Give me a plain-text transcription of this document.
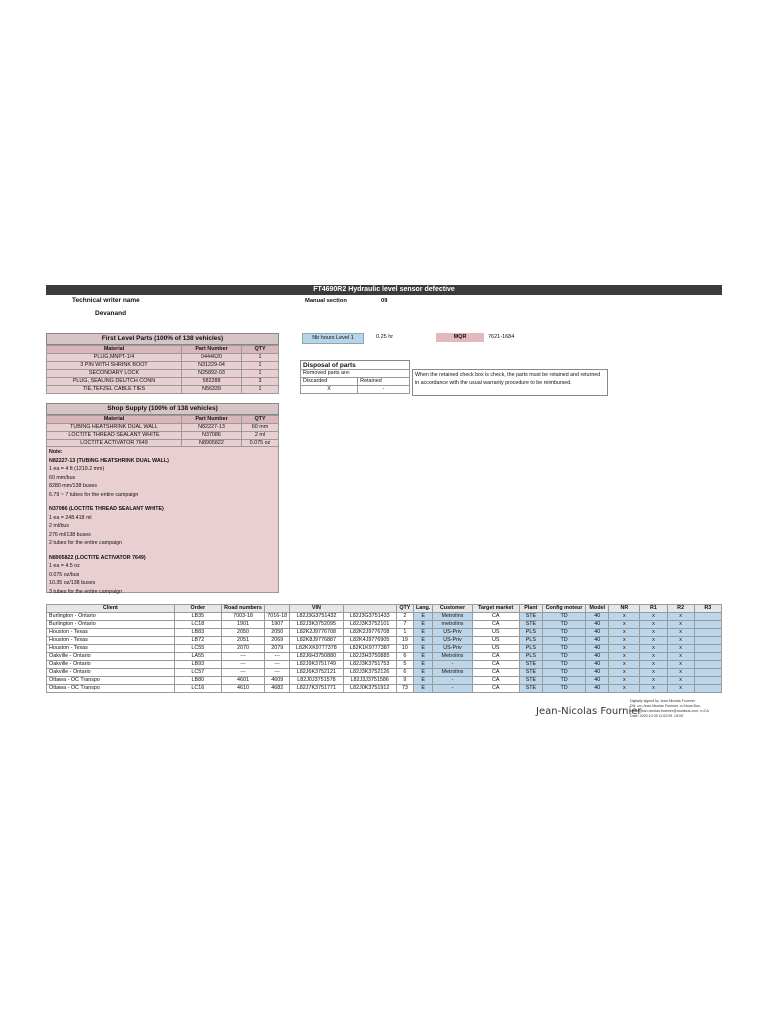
FT4690R2 Hydraulic level sensor defective
Technical writer name
Devanand
Manual section	09
Nb hours Level 1	0.25 hr	MQR	7621-1684
First Level Parts (100% of 138 vehicles)
Material	Part Number	QTY
PLUG,MNPT-1/4	0444620	1
3 PIN WITH SHRINK BOOT	N31229-04	1
SECONDARY LOCK	N25892-03	1
PLUG, SEALING DEUTCH CONN	582288	3
TIE,TEFZEL CABLE TIES	N56339	1
Disposal of parts
Removed parts are:	
Discarded	Retained
X	-
When the retained check box is check, the parts must be retained and returned in accordance with the usual warranty procedure to be reimbursed.
Shop Supply (100% of 138 vehicles)
Material	Part Number	QTY
TUBING HEATSHRINK DUAL WALL	N82227-13	60 mm
LOCTITE THREAD SEALANT WHITE	N37086	2 ml
LOCTITE ACTIVATOR 7649	N8905822	0.075 oz
Note:
N82227-13 (TUBING HEATSHRINK DUAL WALL)
1 ea = 4 ft (1219.2 mm)
60 mm/bus
8280 mm/138 buses
6.79 ~ 7 tubes for the entire campaign
N37086 (LOCTITE THREAD SEALANT WHITE)
1 ea = 248.418 ml
2 ml/bus
276 ml/138 buses
2 tubes for the entire campaign
N8905822 (LOCTITE ACTIVATOR 7649)
1 ea = 4.5 oz
0.075 oz/bus
10.35 oz/138 buses
3 tubes for the entire campaign
Client	Order	Road numbers		VIN		QTY	Lang.	Customer	Target market	Plant	Config moteur	Model	NR	R1	R2	R3
Burlington - Ontario	LB35	7003-18	7016-18	L82J3G3751432	L82J3G3751433	2	E	Metrolinx	CA	STE	TD	40	x	x	x	
Burlington - Ontario	LC18	1901	1907	L82J3K3752095	L82J3K3752101	7	E	metrolinx	CA	STE	TD	40	x	x	x	
Houston - Texas	LB83	2050	2050	L82K2J9776708	L82K2J9776708	1	E	US-Priv	US	PLS	TD	40	x	x	x	
Houston - Texas	LB72	2051	2069	L82K8J9776887	L82K4J9776905	19	E	US-Priv	US	PLS	TD	40	x	x	x	
Houston - Texas	LC55	2070	2079	L82KXK9777378	L82K1K9777387	10	E	US-Priv	US	PLS	TD	40	x	x	x	
Oakville - Ontario	LA55	---	---	L82J6H3750880	L82J3H3750885	6	E	Metrolinx	CA	PLS	TD	40	x	x	x	
Oakville - Ontario	LB93	---	---	L82J9K3751749	L82J3K3751753	5	E	-	CA	STE	TD	40	x	x	x	
Oakville - Ontario	LC57	---	---	L82J6K3752121	L82J3K3752126	6	E	Metrolinx	CA	STE	TD	40	x	x	x	
Ottawa - OC Transpo	LB80	4601	4609	L82J0J3751578	L82J3J3751586	9	E	-	CA	STE	TD	40	x	x	x	
Ottawa - OC Transpo	LC16	4610	4682	L82J7K3751771	L82J0K3751912	73	E	-	CA	STE	TD	40	x	x	x	
Jean-Nicolas Fournier
Digitally signed by Jean-Nicolas Fournier
DN: cn=Jean-Nicolas Fournier, o=Nova Bus,
email=jean-nicolas.fournier@novabus.com, c=CA
Date: 2020.10.05 11:02:09 -04'00'
